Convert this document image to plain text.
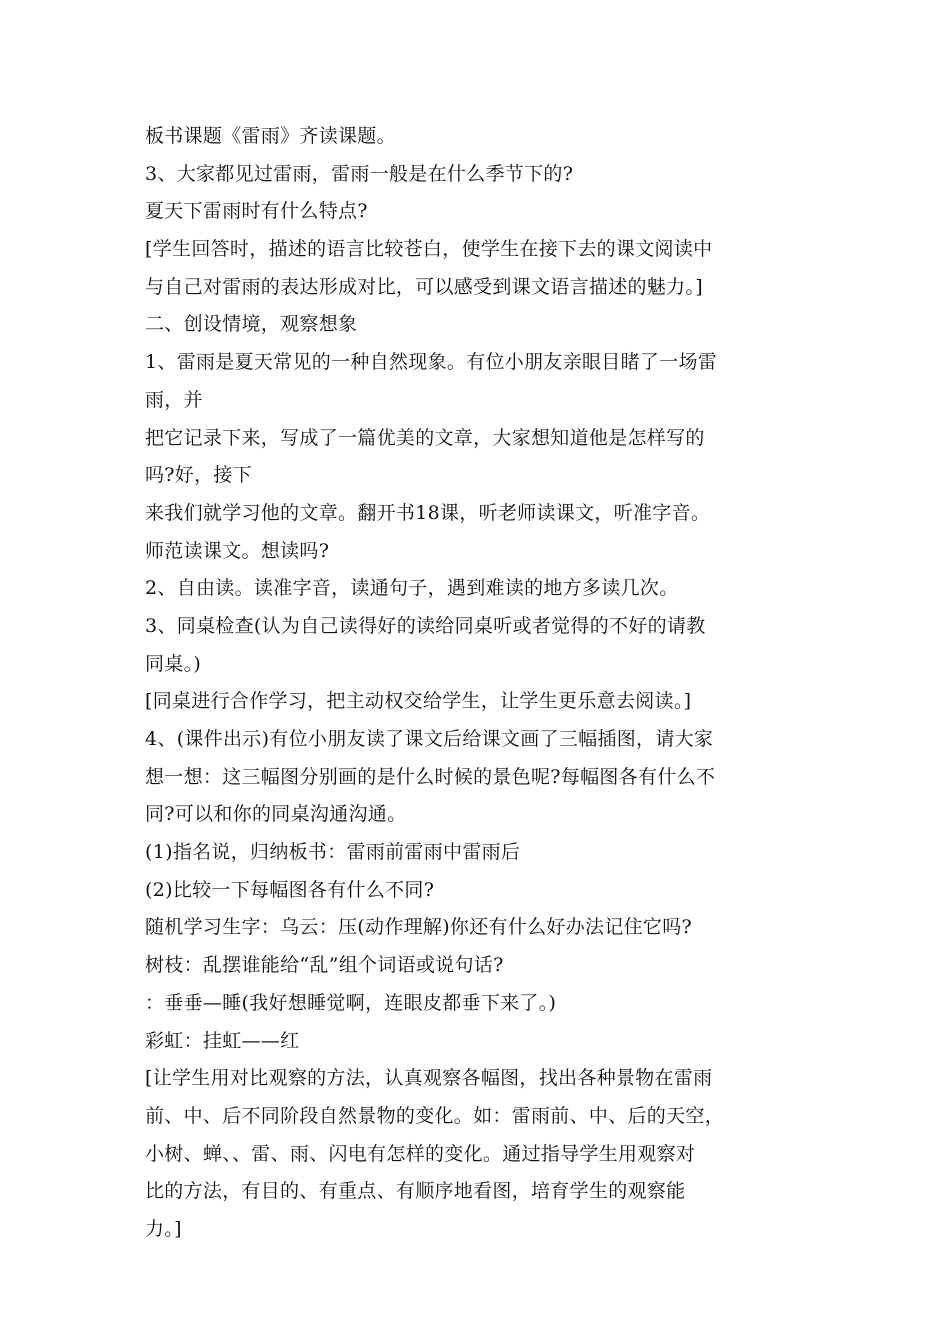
板书课题《雷雨》齐读课题。
3、大家都见过雷雨，雷雨一般是在什么季节下的?
夏天下雷雨时有什么特点?
[学生回答时，描述的语言比较苍白，使学生在接下去的课文阅读中
与自己对雷雨的表达形成对比，可以感受到课文语言描述的魅力。]
二、创设情境，观察想象
1、雷雨是夏天常见的一种自然现象。有位小朋友亲眼目睹了一场雷
雨，并
把它记录下来，写成了一篇优美的文章，大家想知道他是怎样写的
吗?好，接下
来我们就学习他的文章。翻开书18课，听老师读课文，听准字音。
师范读课文。想读吗?
2、自由读。读准字音，读通句子，遇到难读的地方多读几次。
3、同桌检查(认为自己读得好的读给同桌听或者觉得的不好的请教
同桌。)
[同桌进行合作学习，把主动权交给学生，让学生更乐意去阅读。]
4、(课件出示)有位小朋友读了课文后给课文画了三幅插图，请大家
想一想：这三幅图分别画的是什么时候的景色呢?每幅图各有什么不
同?可以和你的同桌沟通沟通。
(1)指名说，归纳板书：雷雨前雷雨中雷雨后
(2)比较一下每幅图各有什么不同?
随机学习生字：乌云：压(动作理解)你还有什么好办法记住它吗?
树枝：乱摆谁能给“乱”组个词语或说句话?
：垂垂—睡(我好想睡觉啊，连眼皮都垂下来了。)
彩虹：挂虹——红
[让学生用对比观察的方法，认真观察各幅图，找出各种景物在雷雨
前、中、后不同阶段自然景物的变化。如：雷雨前、中、后的天空，
小树、蝉、、雷、雨、闪电有怎样的变化。通过指导学生用观察对
比的方法，有目的、有重点、有顺序地看图，培育学生的观察能
力。]
